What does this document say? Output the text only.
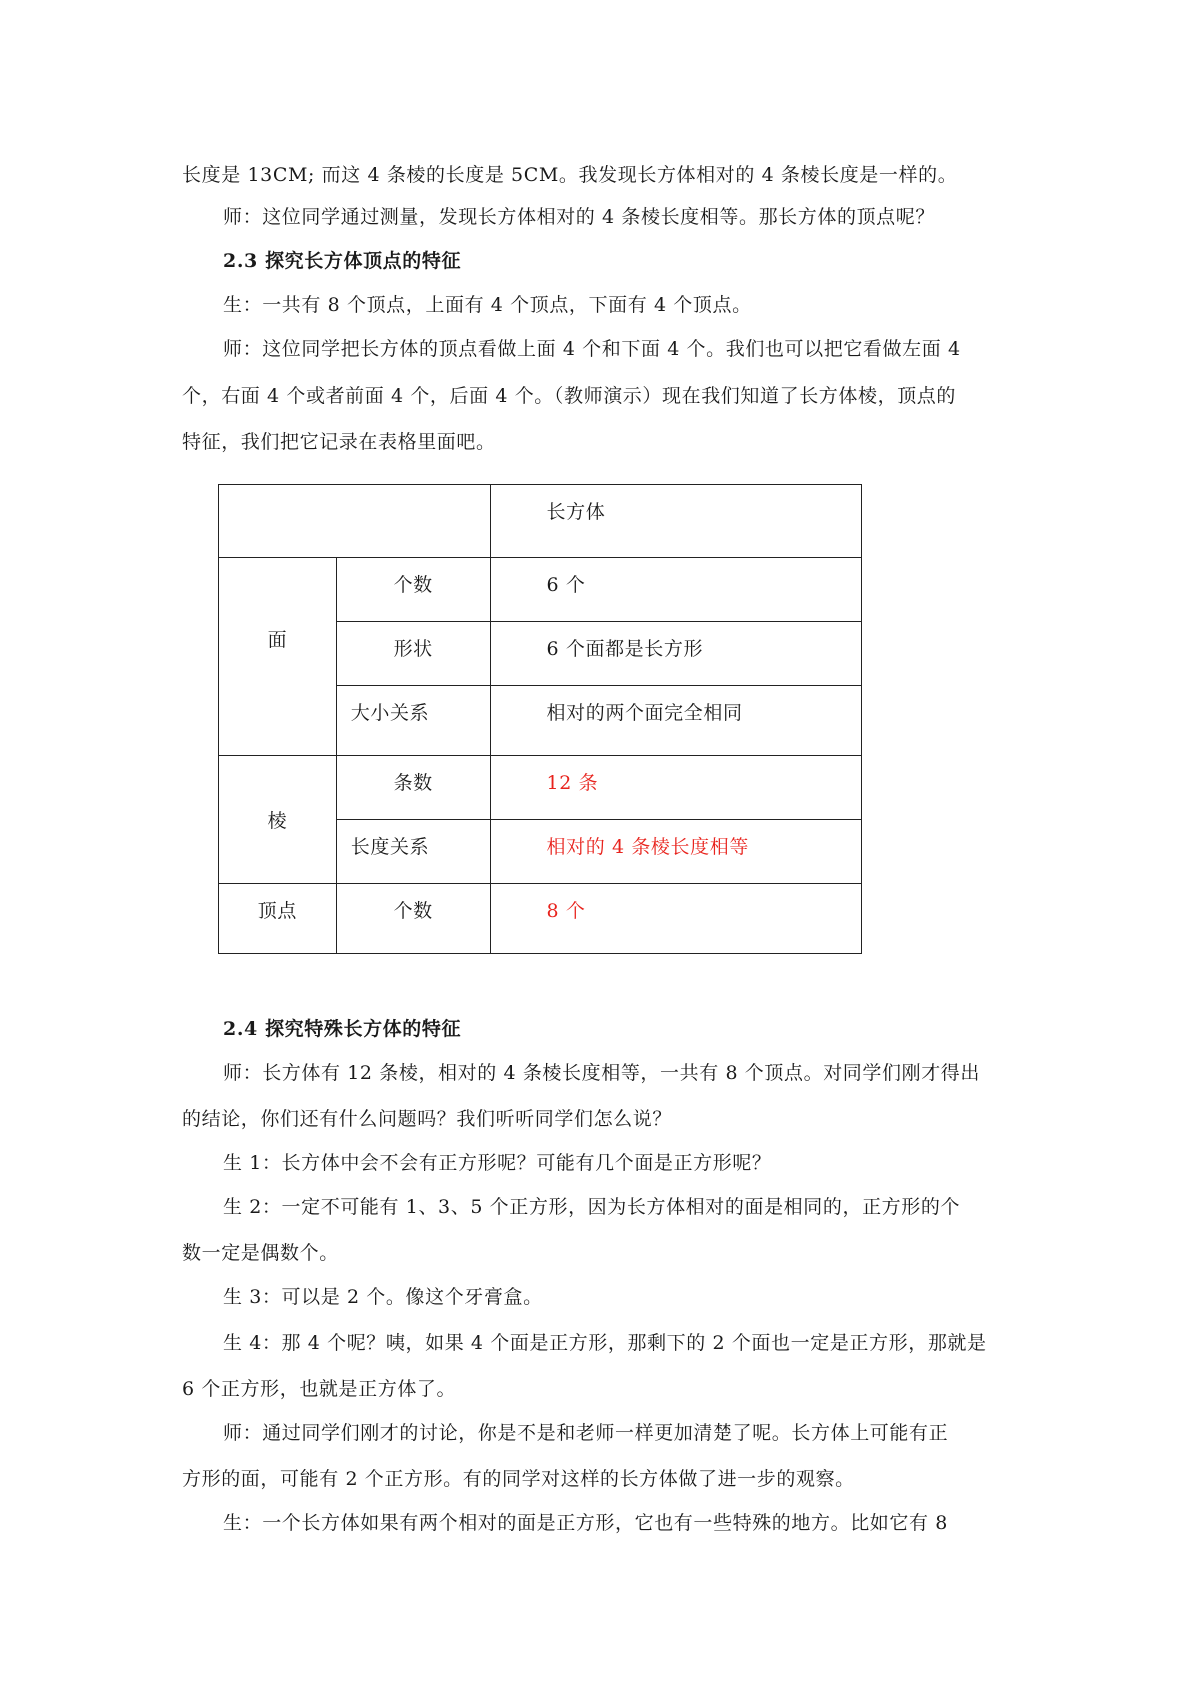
长度是 13CM; 而这 4 条棱的长度是 5CM。我发现长方体相对的 4 条棱长度是一样的。
师：这位同学通过测量，发现长方体相对的 4 条棱长度相等。那长方体的顶点呢？
2.3 探究长方体顶点的特征
生：一共有 8 个顶点，上面有 4 个顶点，下面有 4 个顶点。
师：这位同学把长方体的顶点看做上面 4 个和下面 4 个。我们也可以把它看做左面 4
个，右面 4 个或者前面 4 个，后面 4 个。（教师演示）现在我们知道了长方体棱，顶点的
特征，我们把它记录在表格里面吧。
2.4 探究特殊长方体的特征
师：长方体有 12 条棱，相对的 4 条棱长度相等，一共有 8 个顶点。对同学们刚才得出
的结论，你们还有什么问题吗？我们听听同学们怎么说？
生 1：长方体中会不会有正方形呢？可能有几个面是正方形呢？
生 2：一定不可能有 1、3、5 个正方形，因为长方体相对的面是相同的，正方形的个
数一定是偶数个。
生 3：可以是 2 个。像这个牙膏盒。
生 4：那 4 个呢？咦，如果 4 个面是正方形，那剩下的 2 个面也一定是正方形，那就是
6 个正方形，也就是正方体了。
师：通过同学们刚才的讨论，你是不是和老师一样更加清楚了呢。长方体上可能有正
方形的面，可能有 2 个正方形。有的同学对这样的长方体做了进一步的观察。
生：一个长方体如果有两个相对的面是正方形，它也有一些特殊的地方。比如它有 8
		长方体
面	个数	6 个
	形状	6 个面都是长方形
	大小关系	相对的两个面完全相同
棱	条数	12 条
	长度关系	相对的 4 条棱长度相等
顶点	个数	8 个
